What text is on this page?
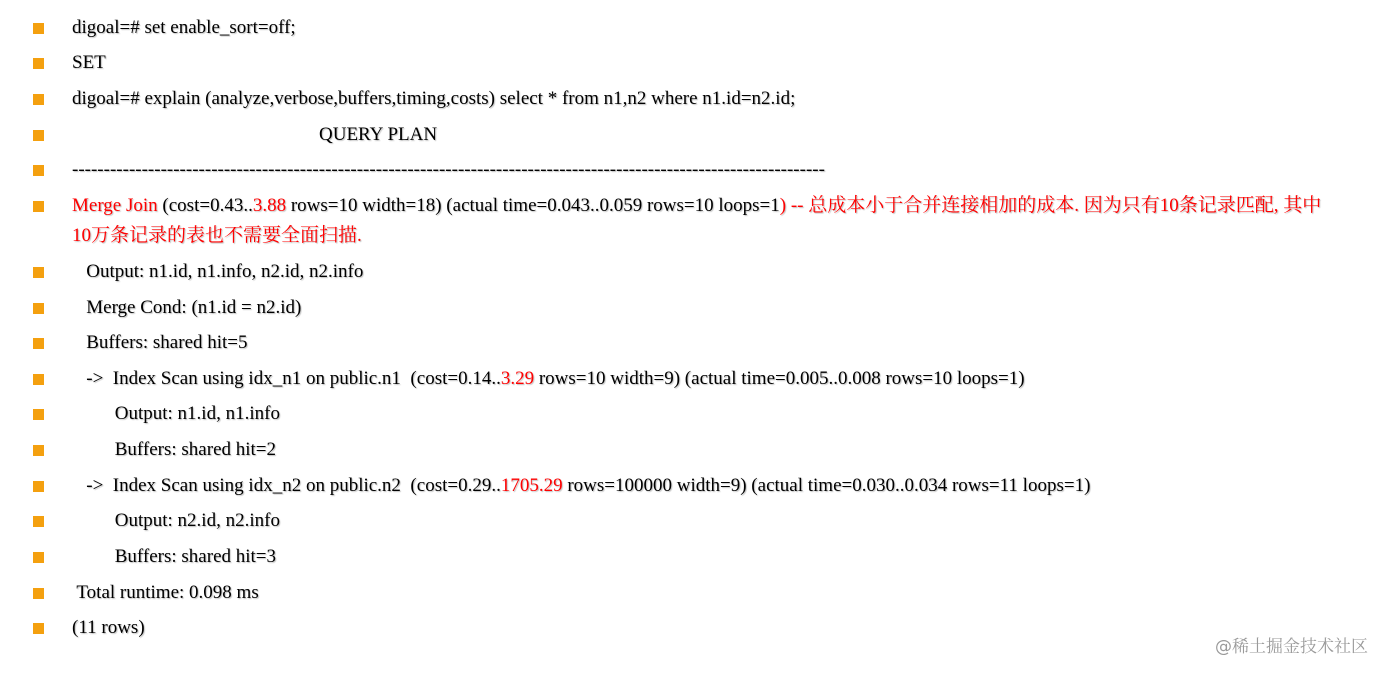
digoal=# set enable_sort=off;
SET
digoal=# explain (analyze,verbose,buffers,timing,costs) select * from n1,n2 where n1.id=n2.id;
QUERY PLAN
-----------------------------------------------------------------------------------------------------------------------
Merge Join (cost=0.43..3.88 rows=10 width=18) (actual time=0.043..0.059 rows=10 loops=1) -- 总成本小于合并连接相加的成本. 因为只有10条记录匹配, 其中10万条记录的表也不需要全面扫描.
Output: n1.id, n1.info, n2.id, n2.info
Merge Cond: (n1.id = n2.id)
Buffers: shared hit=5
->  Index Scan using idx_n1 on public.n1  (cost=0.14..3.29 rows=10 width=9) (actual time=0.005..0.008 rows=10 loops=1)
Output: n1.id, n1.info
Buffers: shared hit=2
->  Index Scan using idx_n2 on public.n2  (cost=0.29..1705.29 rows=100000 width=9) (actual time=0.030..0.034 rows=11 loops=1)
Output: n2.id, n2.info
Buffers: shared hit=3
Total runtime: 0.098 ms
(11 rows)
@稀土掘金技术社区
